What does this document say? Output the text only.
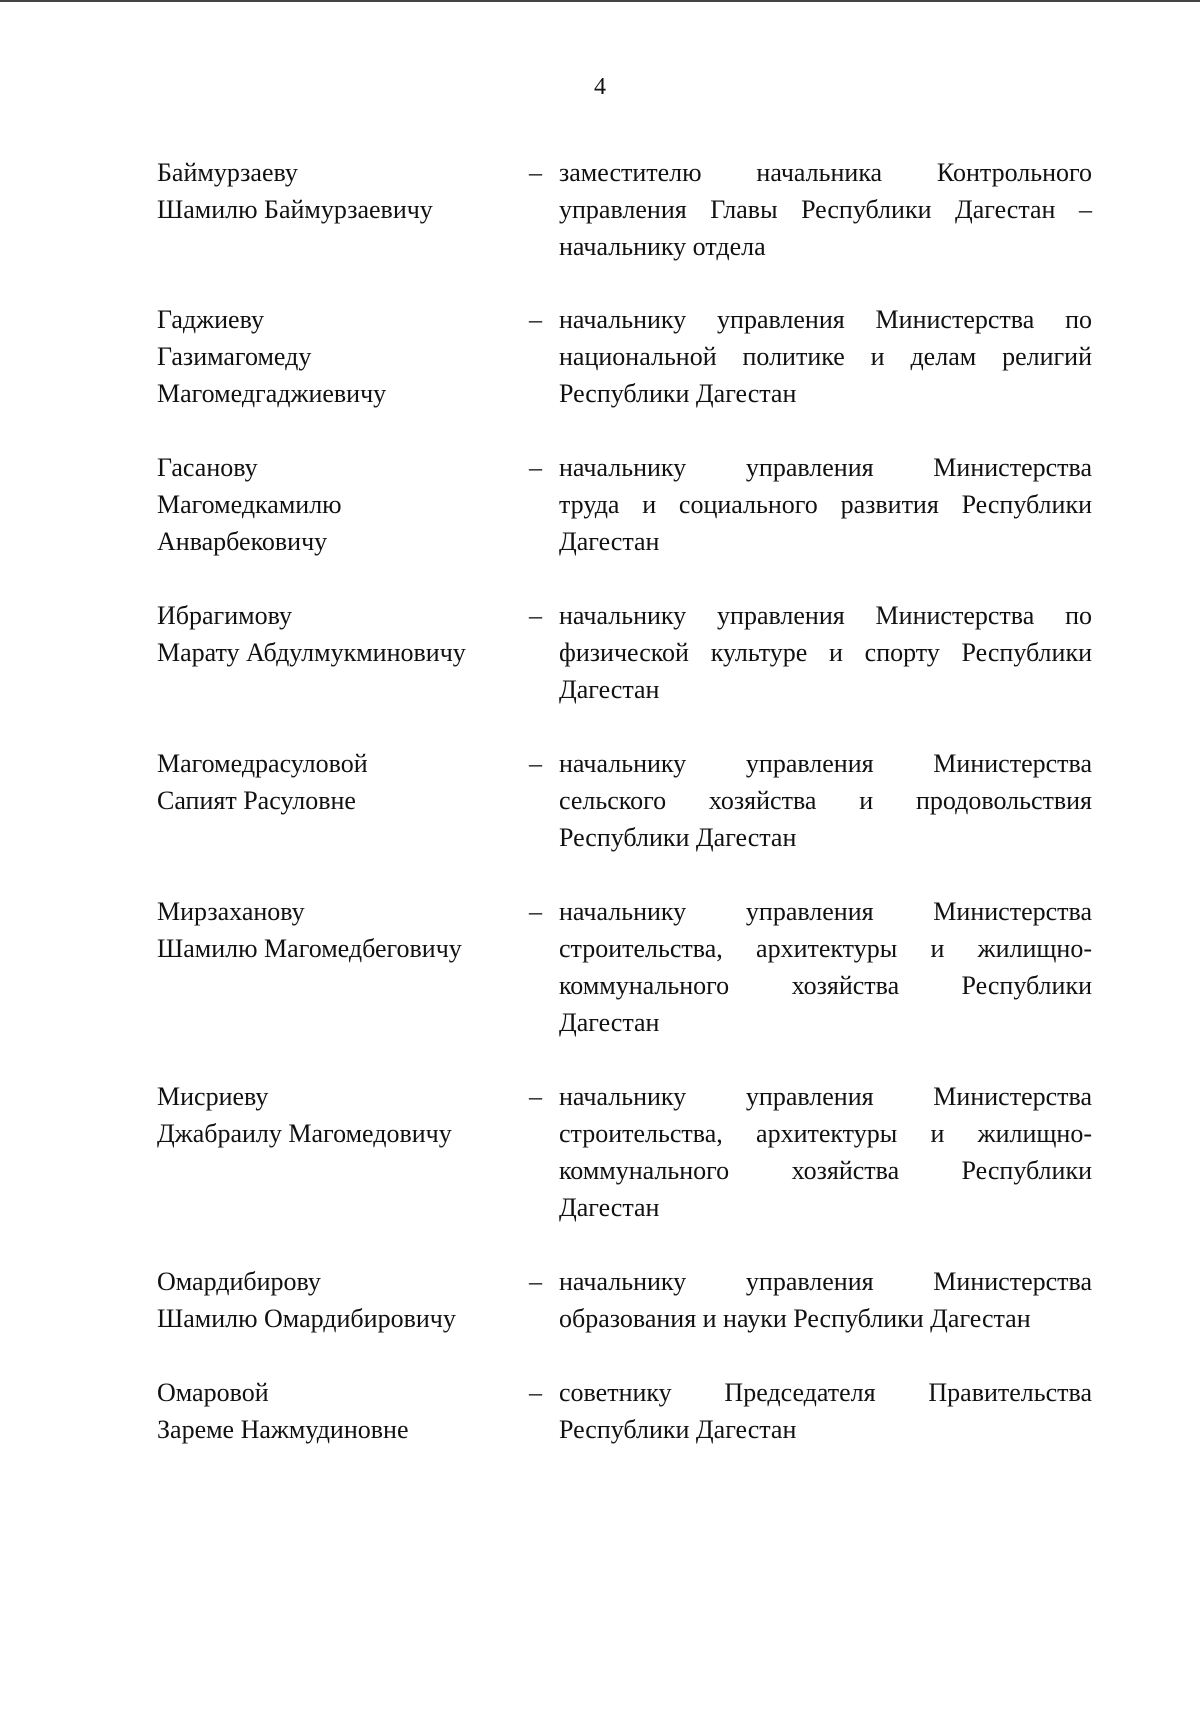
4
Баймурзаеву
Шамилю Баймурзаевичу
– заместителю начальника Контрольного
управления Главы Республики Дагестан –
начальнику отдела
Гаджиеву
Газимагомеду
Магомедгаджиевичу
– начальнику управления Министерства по
национальной политике и делам религий
Республики Дагестан
Гасанову
Магомедкамилю
Анварбековичу
– начальнику управления Министерства
труда и социального развития Республики
Дагестан
Ибрагимову
Марату Абдулмукминовичу
– начальнику управления Министерства по
физической культуре и спорту Республики
Дагестан
Магомедрасуловой
Сапият Расуловне
– начальнику управления Министерства
сельского хозяйства и продовольствия
Республики Дагестан
Мирзаханову
Шамилю Магомедбеговичу
– начальнику управления Министерства
строительства, архитектуры и жилищно-
коммунального хозяйства Республики
Дагестан
Мисриеву
Джабраилу Магомедовичу
– начальнику управления Министерства
строительства, архитектуры и жилищно-
коммунального хозяйства Республики
Дагестан
Омардибирову
Шамилю Омардибировичу
– начальнику управления Министерства
образования и науки Республики Дагестан
Омаровой
Зареме Нажмудиновне
– советнику Председателя Правительства
Республики Дагестан
